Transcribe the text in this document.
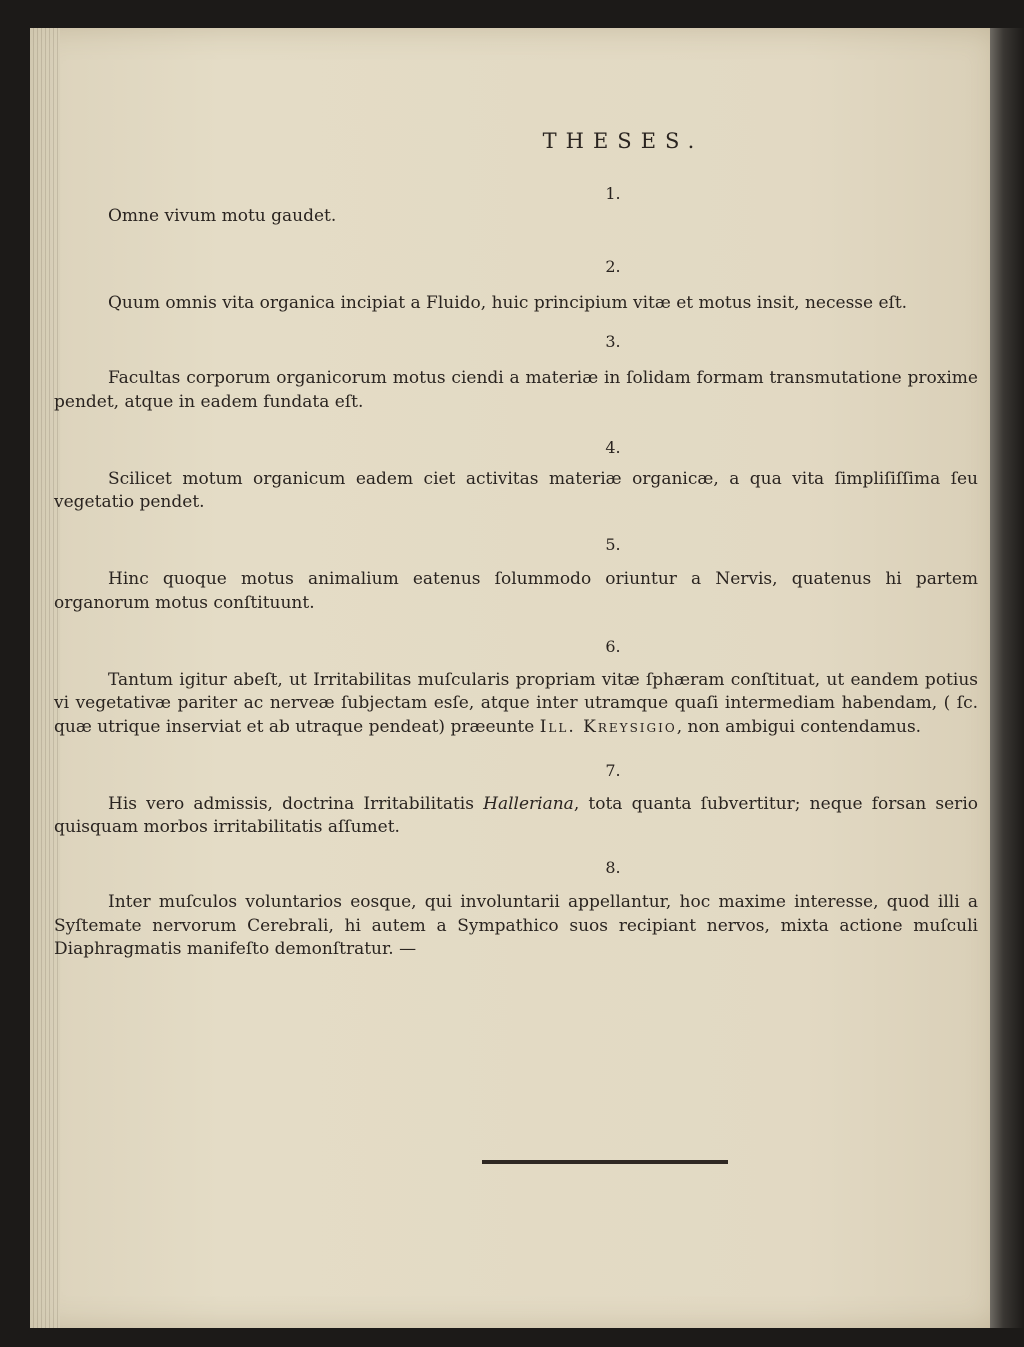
THESES.

1.

Omne vivum motu gaudet.

2.

Quum omnis vita organica incipiat a Fluido, huic principium vitæ et motus insit, necesse eſt.

3.

Facultas corporum organicorum motus ciendi a materiæ in ſolidam formam transmutatione proxime pendet, atque in eadem fundata eſt.

4.

Scilicet motum organicum eadem ciet activitas materiæ organicæ, a qua vita ſimpliſiſſima ſeu vegetatio pendet.

5.

Hinc quoque motus animalium eatenus ſolummodo oriuntur a Nervis, quatenus hi partem organorum motus conſtituunt.

6.

Tantum igitur abeſt, ut Irritabilitas muſcularis propriam vitæ ſphæram conſtituat, ut eandem potius vi vegetativæ pariter ac nerveæ ſubjectam esſe, atque inter utramque quaſi intermediam habendam, ( ſc. quæ utrique inserviat et ab utraque pendeat) præeunte Ill. Kreysigio, non ambigui contendamus.

7.

His vero admissis, doctrina Irritabilitatis Halleriana, tota quanta ſubvertitur; neque forsan serio quisquam morbos irritabilitatis aſſumet.

8.

Inter muſculos voluntarios eosque, qui involuntarii appellantur, hoc maxime interesse, quod illi a Syſtemate nervorum Cerebrali, hi autem a Sympathico suos recipiant nervos, mixta actione muſculi Diaphragmatis manifeſto demonſtratur. —
